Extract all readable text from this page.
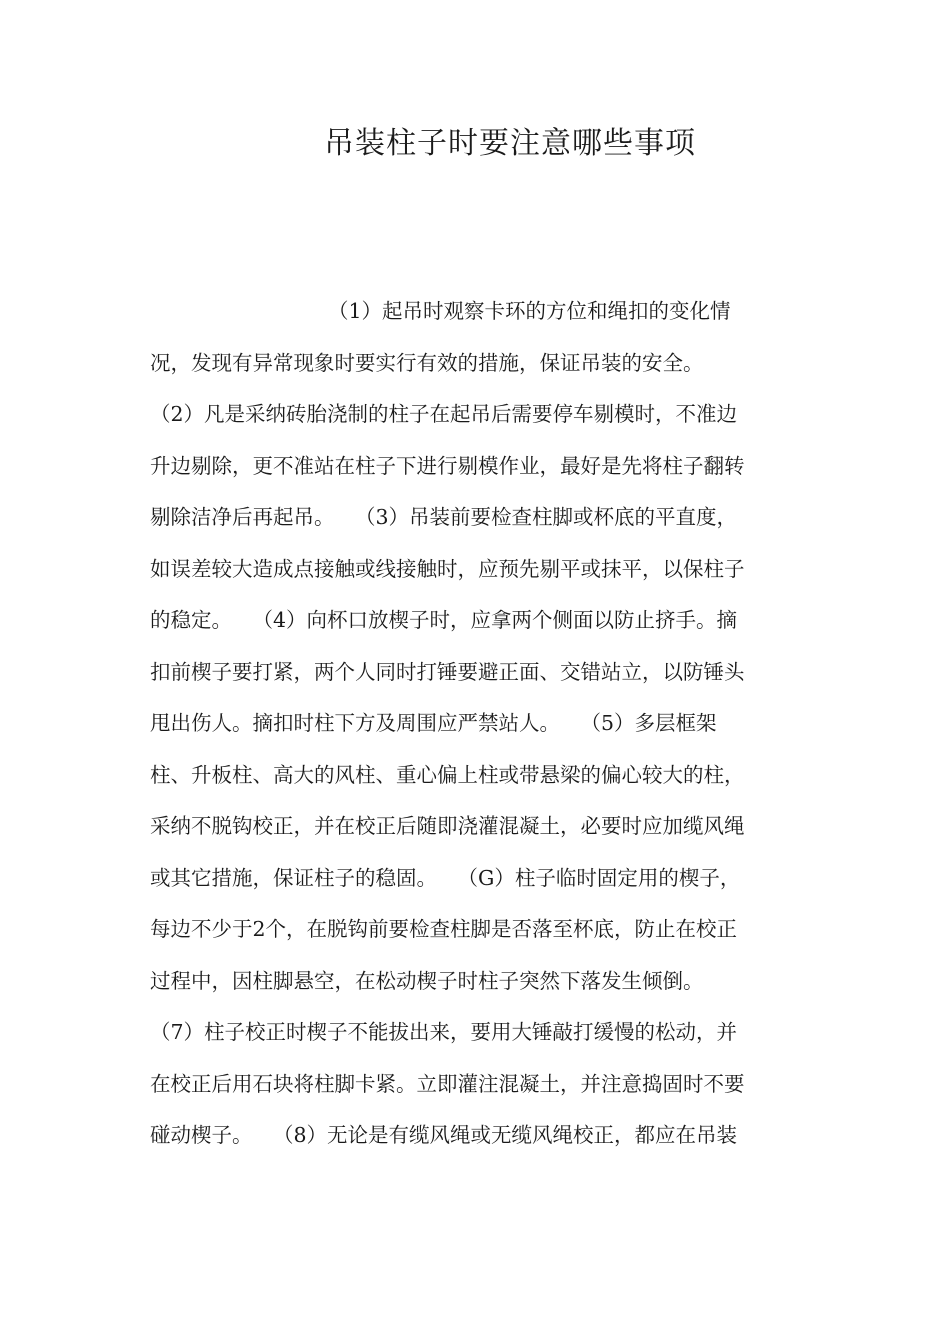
吊装柱子时要注意哪些事项
（1）起吊时观察卡环的方位和绳扣的变化情
况，发现有异常现象时要实行有效的措施，保证吊装的安全。
（2）凡是采纳砖胎浇制的柱子在起吊后需要停车剔模时，不准边
升边剔除，更不准站在柱子下进行剔模作业，最好是先将柱子翻转
剔除洁净后再起吊。　　（3）吊装前要检查柱脚或杯底的平直度，
如误差较大造成点接触或线接触时，应预先剔平或抹平，以保柱子
的稳定。　　（4）向杯口放楔子时，应拿两个侧面以防止挤手。摘
扣前楔子要打紧，两个人同时打锤要避正面、交错站立，以防锤头
甩出伤人。摘扣时柱下方及周围应严禁站人。　　（5）多层框架
柱、升板柱、高大的风柱、重心偏上柱或带悬梁的偏心较大的柱，
采纳不脱钩校正，并在校正后随即浇灌混凝土，必要时应加缆风绳
或其它措施，保证柱子的稳固。　　（G）柱子临时固定用的楔子，
每边不少于2个，在脱钩前要检查柱脚是否落至杯底，防止在校正
过程中，因柱脚悬空，在松动楔子时柱子突然下落发生倾倒。
（7）柱子校正时楔子不能拔出来，要用大锤敲打缓慢的松动，并
在校正后用石块将柱脚卡紧。立即灌注混凝土，并注意捣固时不要
碰动楔子。　　（8）无论是有缆风绳或无缆风绳校正，都应在吊装
